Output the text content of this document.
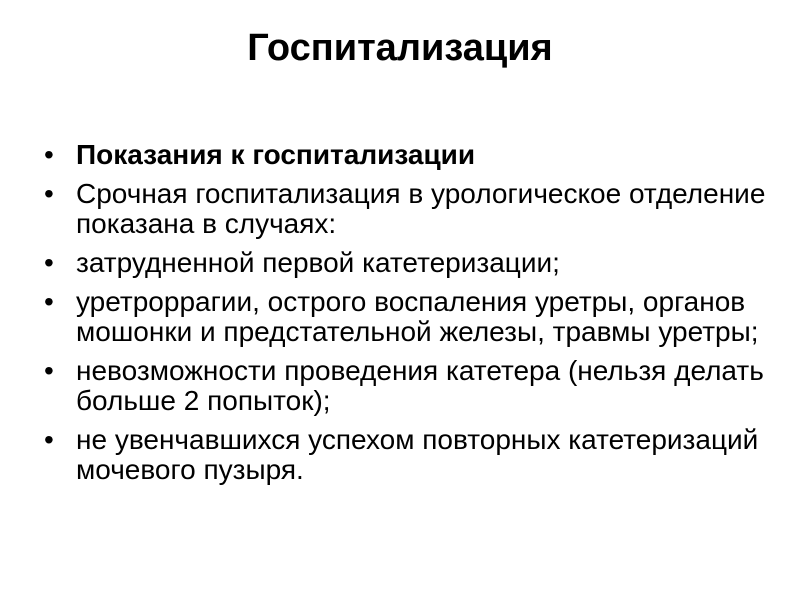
Госпитализация
• Показания к госпитализации
• Срочная госпитализация в урологическое отделение показана в случаях:
• затрудненной первой катетеризации;
• уретроррагии, острого воспаления уретры, органов мошонки и предстательной железы, травмы уретры;
• невозможности проведения катетера (нельзя делать больше 2 попыток);
• не увенчавшихся успехом повторных катетеризаций мочевого пузыря.
